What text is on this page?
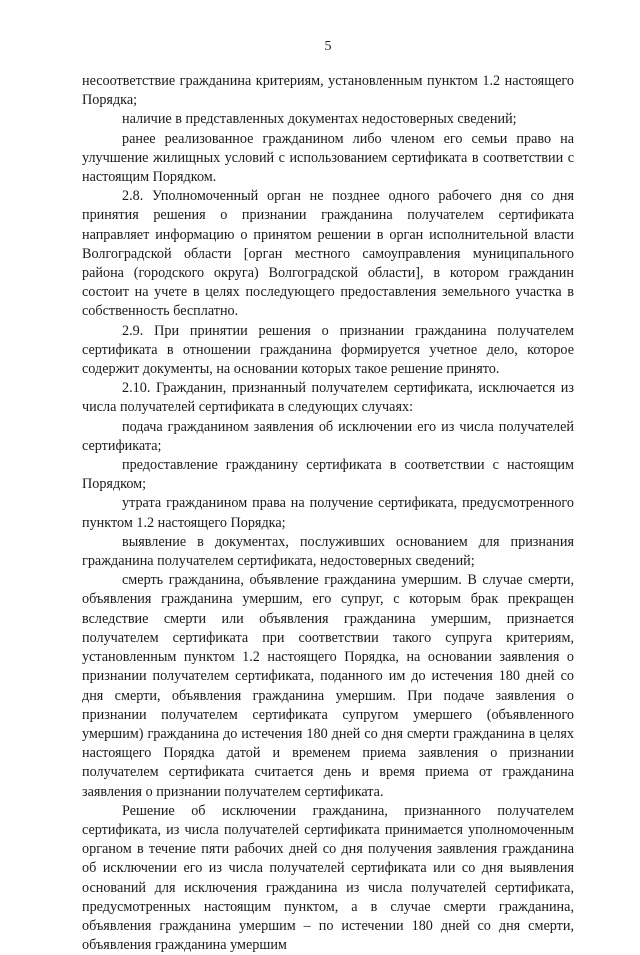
5

несоответствие гражданина критериям, установленным пунктом 1.2 настоящего Порядка;

наличие в представленных документах недостоверных сведений;

ранее реализованное гражданином либо членом его семьи право на улучшение жилищных условий с использованием сертификата в соответствии с настоящим Порядком.

2.8. Уполномоченный орган не позднее одного рабочего дня со дня принятия решения о признании гражданина получателем сертификата направляет информацию о принятом решении в орган исполнительной власти Волгоградской области [орган местного самоуправления муниципального района (городского округа) Волгоградской области], в котором гражданин состоит на учете в целях последующего предоставления земельного участка в собственность бесплатно.

2.9. При принятии решения о признании гражданина получателем сертификата в отношении гражданина формируется учетное дело, которое содержит документы, на основании которых такое решение принято.

2.10. Гражданин, признанный получателем сертификата, исключается из числа получателей сертификата в следующих случаях:

подача гражданином заявления об исключении его из числа получателей сертификата;

предоставление гражданину сертификата в соответствии с настоящим Порядком;

утрата гражданином права на получение сертификата, предусмотренного пунктом 1.2 настоящего Порядка;

выявление в документах, послуживших основанием для признания гражданина получателем сертификата, недостоверных сведений;

смерть гражданина, объявление гражданина умершим. В случае смерти, объявления гражданина умершим, его супруг, с которым брак прекращен вследствие смерти или объявления гражданина умершим, признается получателем сертификата при соответствии такого супруга критериям, установленным пунктом 1.2 настоящего Порядка, на основании заявления о признании получателем сертификата, поданного им до истечения 180 дней со дня смерти, объявления гражданина умершим. При подаче заявления о признании получателем сертификата супругом умершего (объявленного умершим) гражданина до истечения 180 дней со дня смерти гражданина в целях настоящего Порядка датой и временем приема заявления о признании получателем сертификата считается день и время приема от гражданина заявления о признании получателем сертификата.

Решение об исключении гражданина, признанного получателем сертификата, из числа получателей сертификата принимается уполномоченным органом в течение пяти рабочих дней со дня получения заявления гражданина об исключении его из числа получателей сертификата или со дня выявления оснований для исключения гражданина из числа получателей сертификата, предусмотренных настоящим пунктом, а в случае смерти гражданина, объявления гражданина умершим – по истечении 180 дней со дня смерти, объявления гражданина умершим
